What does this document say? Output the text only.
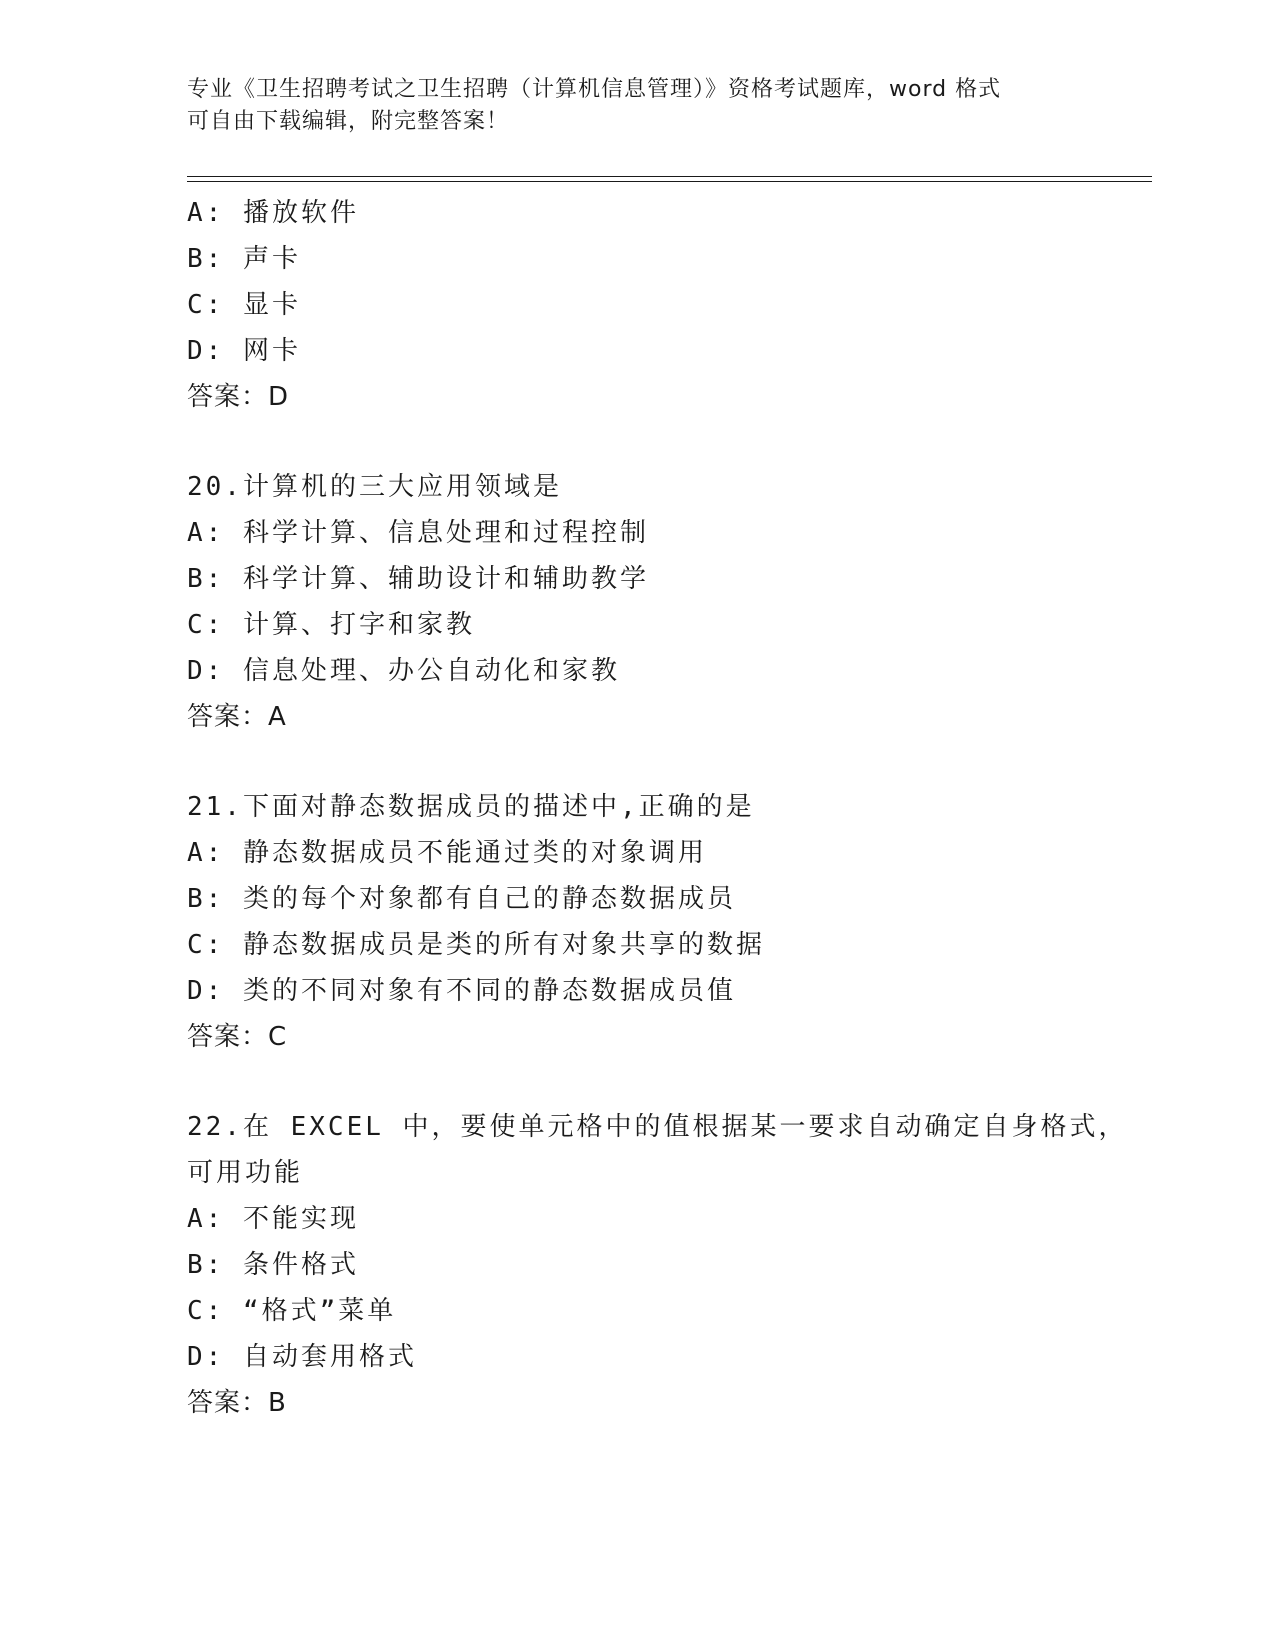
专业《卫生招聘考试之卫生招聘（计算机信息管理）》资格考试题库，word 格式
可自由下载编辑，附完整答案！
A: 播放软件
B: 声卡
C: 显卡
D: 网卡
答案：D
20.计算机的三大应用领域是
A: 科学计算、信息处理和过程控制
B: 科学计算、辅助设计和辅助教学
C: 计算、打字和家教
D: 信息处理、办公自动化和家教
答案：A
21.下面对静态数据成员的描述中,正确的是
A: 静态数据成员不能通过类的对象调用
B: 类的每个对象都有自己的静态数据成员
C: 静态数据成员是类的所有对象共享的数据
D: 类的不同对象有不同的静态数据成员值
答案：C
22.在 EXCEL 中，要使单元格中的值根据某一要求自动确定自身格式，
可用功能
A: 不能实现
B: 条件格式
C: “格式”菜单
D: 自动套用格式
答案：B
